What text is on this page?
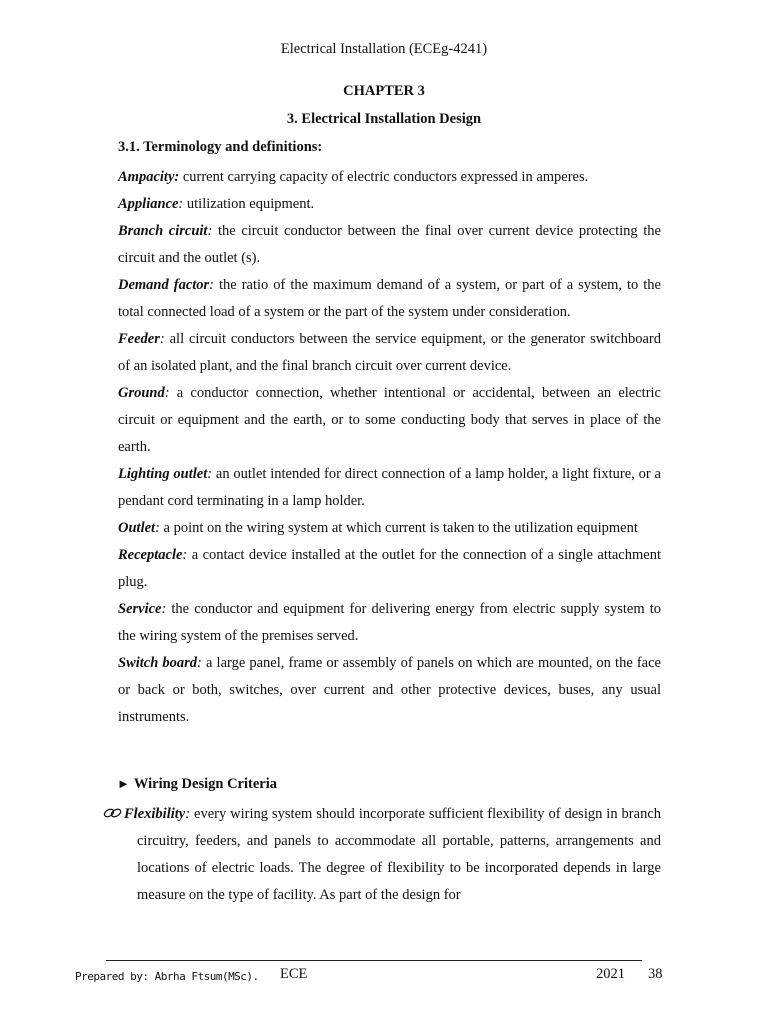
Electrical Installation (ECEg-4241)
CHAPTER 3
3. Electrical Installation Design
3.1. Terminology and definitions:

Ampacity: current carrying capacity of electric conductors expressed in amperes.

Appliance: utilization equipment.

Branch circuit: the circuit conductor between the final over current device protecting the circuit and the outlet (s).

Demand factor: the ratio of the maximum demand of a system, or part of a system, to the total connected load of a system or the part of the system under consideration.

Feeder: all circuit conductors between the service equipment, or the generator switchboard of an isolated plant, and the final branch circuit over current device.

Ground: a conductor connection, whether intentional or accidental, between an electric circuit or equipment and the earth, or to some conducting body that serves in place of the earth.

Lighting outlet: an outlet intended for direct connection of a lamp holder, a light fixture, or a pendant cord terminating in a lamp holder.

Outlet: a point on the wiring system at which current is taken to the utilization equipment

Receptacle: a contact device installed at the outlet for the connection of a single attachment plug.

Service: the conductor and equipment for delivering energy from electric supply system to the wiring system of the premises served.

Switch board: a large panel, frame or assembly of panels on which are mounted, on the face or back or both, switches, over current and other protective devices, buses, any usual instruments.

► Wiring Design Criteria

Flexibility: every wiring system should incorporate sufficient flexibility of design in branch circuitry, feeders, and panels to accommodate all portable, patterns, arrangements and locations of electric loads. The degree of flexibility to be incorporated depends in large measure on the type of facility. As part of the design for

Prepared by: Abrha Ftsum(MSc). ECE	2021 38
